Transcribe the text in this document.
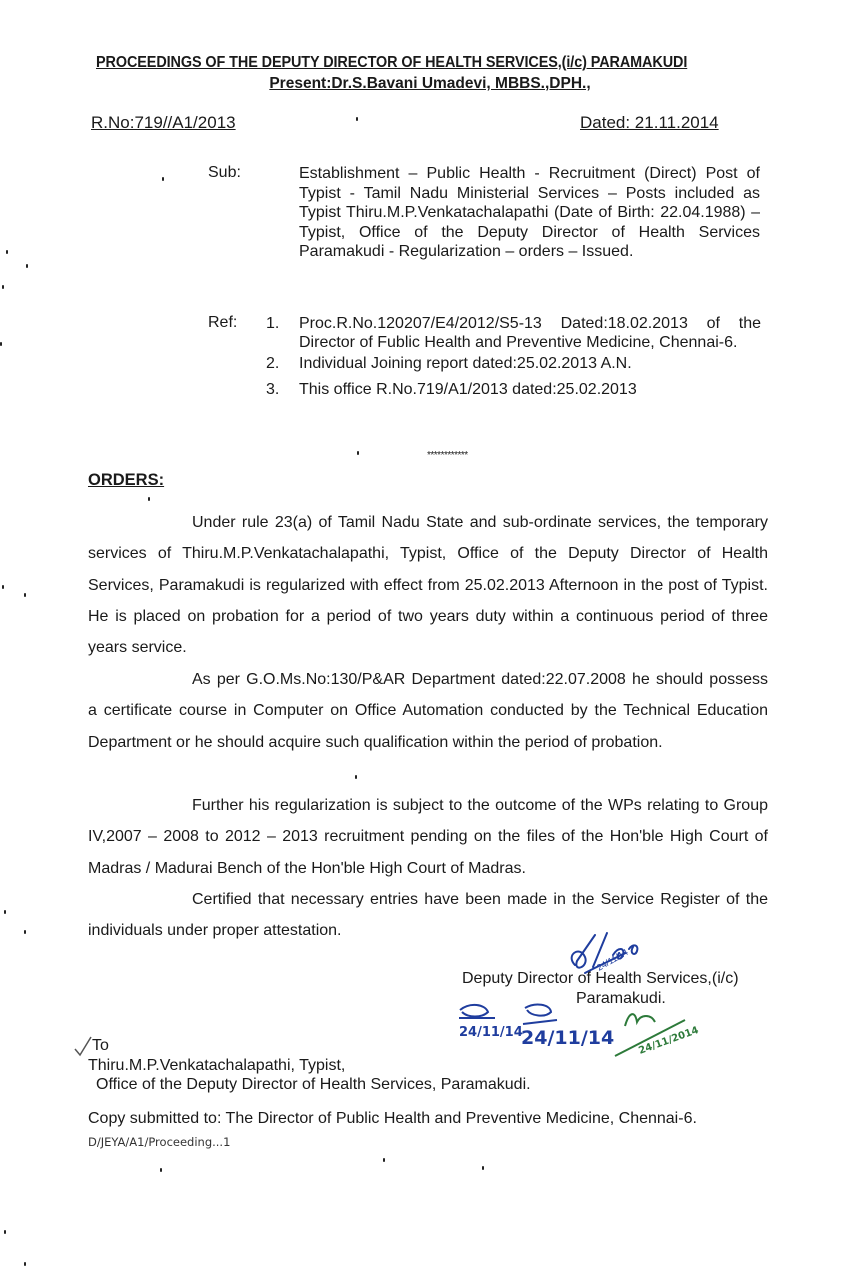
PROCEEDINGS OF THE DEPUTY DIRECTOR OF HEALTH SERVICES,(i/c) PARAMAKUDI
Present:Dr.S.Bavani Umadevi, MBBS.,DPH.,
R.No:719//A1/2013	Dated: 21.11.2014
Sub:	Establishment – Public Health - Recruitment (Direct) Post of Typist - Tamil Nadu Ministerial Services – Posts included as Typist Thiru.M.P.Venkatachalapathi (Date of Birth: 22.04.1988) – Typist, Office of the Deputy Director of Health Services Paramakudi - Regularization – orders – Issued.
Ref: 1.	Proc.R.No.120207/E4/2012/S5-13 Dated:18.02.2013 of the Director of Fublic Health and Preventive Medicine, Chennai-6.
2.	Individual Joining report dated:25.02.2013 A.N.
3.	This office R.No.719/A1/2013 dated:25.02.2013
************
ORDERS:

Under rule 23(a) of Tamil Nadu State and sub-ordinate services, the temporary services of Thiru.M.P.Venkatachalapathi, Typist, Office of the Deputy Director of Health Services, Paramakudi is regularized with effect from 25.02.2013 Afternoon in the post of Typist. He is placed on probation for a period of two years duty within a continuous period of three years service.

As per G.O.Ms.No:130/P&AR Department dated:22.07.2008 he should possess a certificate course in Computer on Office Automation conducted by the Technical Education Department or he should acquire such qualification within the period of probation.

Further his regularization is subject to the outcome of the WPs relating to Group IV,2007 – 2008 to 2012 – 2013 recruitment pending on the files of the Hon'ble High Court of Madras / Madurai Bench of the Hon'ble High Court of Madras.

Certified that necessary entries have been made in the Service Register of the individuals under proper attestation.

24/11/14
Deputy Director of Health Services,(i/c)
Paramakudi.
24/11/14
24/11/14 24/11/2014
To
Thiru.M.P.Venkatachalapathi, Typist,
Office of the Deputy Director of Health Services, Paramakudi.
Copy submitted to: The Director of Public Health and Preventive Medicine, Chennai-6.
D/JEYA/A1/Proceeding...1
